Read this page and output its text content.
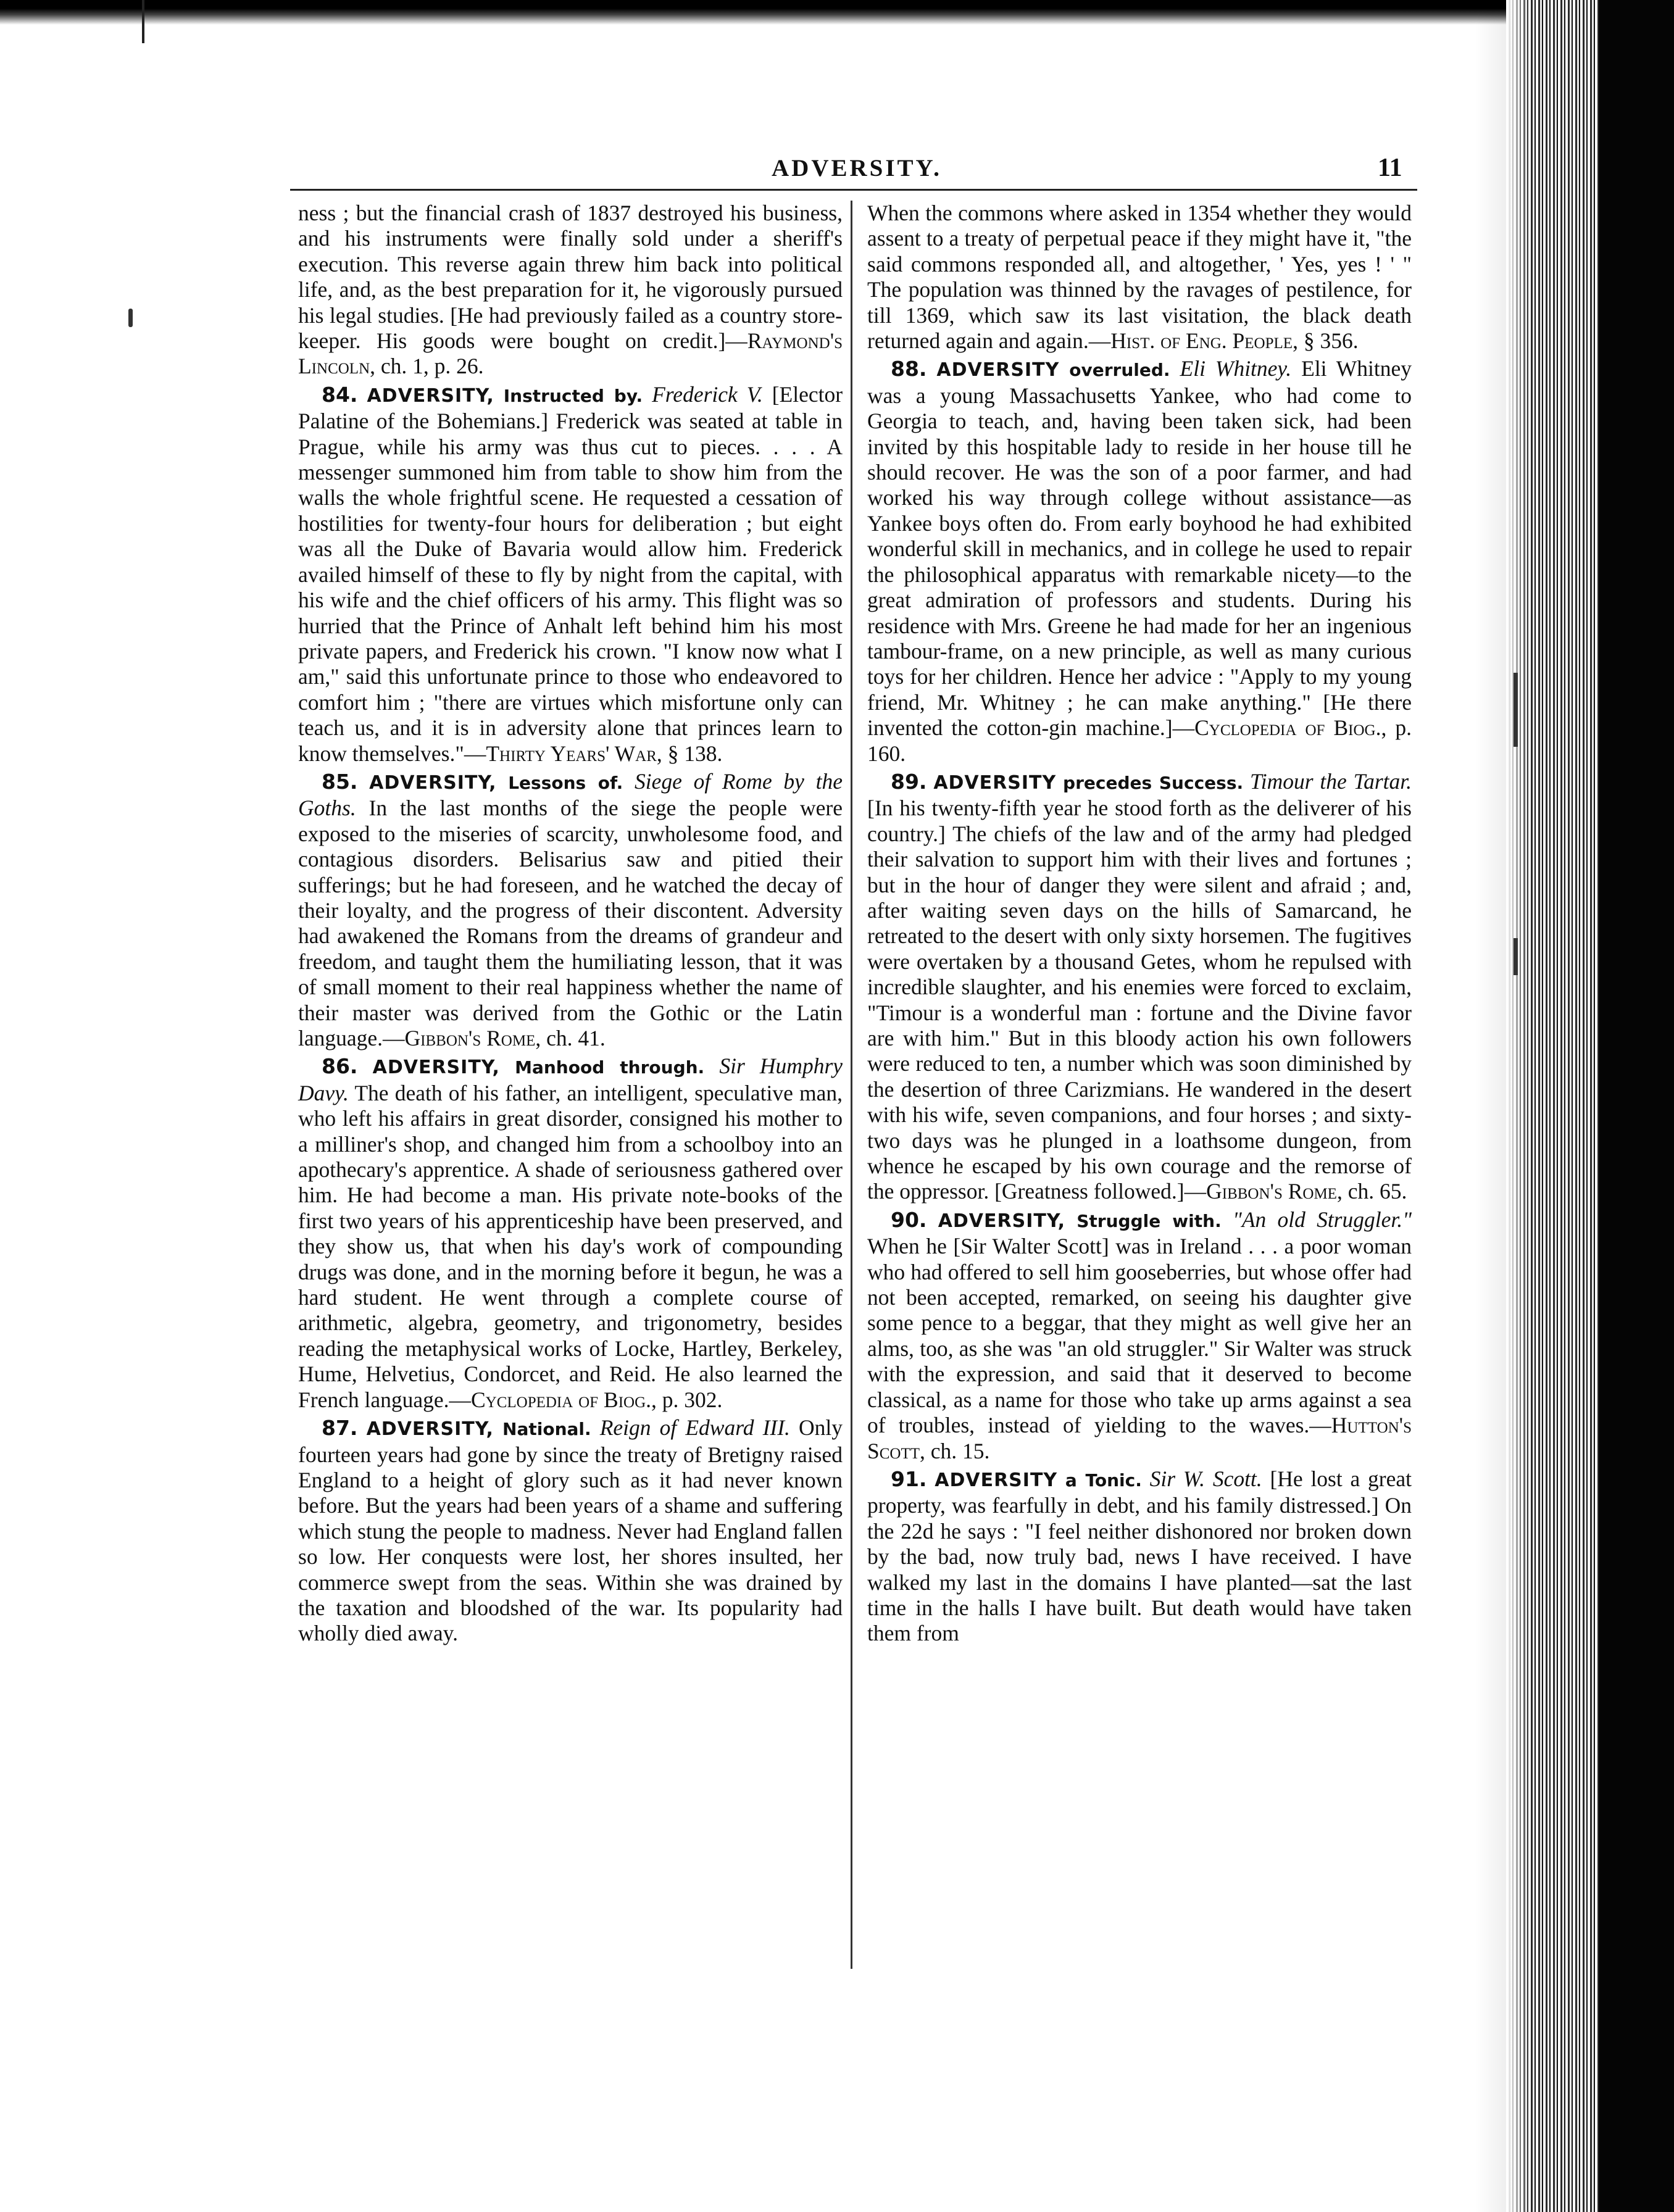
ADVERSITY.	11

ness ; but the financial crash of 1837 destroyed his business, and his instruments were finally sold under a sheriff's execution. This reverse again threw him back into political life, and, as the best preparation for it, he vigorously pursued his legal studies. [He had previously failed as a country store-keeper. His goods were bought on credit.]—Raymond's Lincoln, ch. 1, p. 26.

84. ADVERSITY, Instructed by. Frederick V. [Elector Palatine of the Bohemians.] Frederick was seated at table in Prague, while his army was thus cut to pieces. . . . A messenger summoned him from table to show him from the walls the whole frightful scene. He requested a cessation of hostilities for twenty-four hours for deliberation ; but eight was all the Duke of Bavaria would allow him. Frederick availed himself of these to fly by night from the capital, with his wife and the chief officers of his army. This flight was so hurried that the Prince of Anhalt left behind him his most private papers, and Frederick his crown. "I know now what I am," said this unfortunate prince to those who endeavored to comfort him ; "there are virtues which misfortune only can teach us, and it is in adversity alone that princes learn to know themselves."—Thirty Years' War, § 138.

85. ADVERSITY, Lessons of. Siege of Rome by the Goths. In the last months of the siege the people were exposed to the miseries of scarcity, unwholesome food, and contagious disorders. Belisarius saw and pitied their sufferings; but he had foreseen, and he watched the decay of their loyalty, and the progress of their discontent. Adversity had awakened the Romans from the dreams of grandeur and freedom, and taught them the humiliating lesson, that it was of small moment to their real happiness whether the name of their master was derived from the Gothic or the Latin language.—Gibbon's Rome, ch. 41.

86. ADVERSITY, Manhood through. Sir Humphry Davy. The death of his father, an intelligent, speculative man, who left his affairs in great disorder, consigned his mother to a milliner's shop, and changed him from a schoolboy into an apothecary's apprentice. A shade of seriousness gathered over him. He had become a man. His private note-books of the first two years of his apprenticeship have been preserved, and they show us, that when his day's work of compounding drugs was done, and in the morning before it begun, he was a hard student. He went through a complete course of arithmetic, algebra, geometry, and trigonometry, besides reading the metaphysical works of Locke, Hartley, Berkeley, Hume, Helvetius, Condorcet, and Reid. He also learned the French language.—Cyclopedia of Biog., p. 302.

87. ADVERSITY, National. Reign of Edward III. Only fourteen years had gone by since the treaty of Bretigny raised England to a height of glory such as it had never known before. But the years had been years of a shame and suffering which stung the people to madness. Never had England fallen so low. Her conquests were lost, her shores insulted, her commerce swept from the seas. Within she was drained by the taxation and bloodshed of the war. Its popularity had wholly died away.

When the commons where asked in 1354 whether they would assent to a treaty of perpetual peace if they might have it, "the said commons responded all, and altogether, ' Yes, yes ! ' " The population was thinned by the ravages of pestilence, for till 1369, which saw its last visitation, the black death returned again and again.—Hist. of Eng. People, § 356.

88. ADVERSITY overruled. Eli Whitney. Eli Whitney was a young Massachusetts Yankee, who had come to Georgia to teach, and, having been taken sick, had been invited by this hospitable lady to reside in her house till he should recover. He was the son of a poor farmer, and had worked his way through college without assistance—as Yankee boys often do. From early boyhood he had exhibited wonderful skill in mechanics, and in college he used to repair the philosophical apparatus with remarkable nicety—to the great admiration of professors and students. During his residence with Mrs. Greene he had made for her an ingenious tambour-frame, on a new principle, as well as many curious toys for her children. Hence her advice : "Apply to my young friend, Mr. Whitney ; he can make anything." [He there invented the cotton-gin machine.]—Cyclopedia of Biog., p. 160.

89. ADVERSITY precedes Success. Timour the Tartar. [In his twenty-fifth year he stood forth as the deliverer of his country.] The chiefs of the law and of the army had pledged their salvation to support him with their lives and fortunes ; but in the hour of danger they were silent and afraid ; and, after waiting seven days on the hills of Samarcand, he retreated to the desert with only sixty horsemen. The fugitives were overtaken by a thousand Getes, whom he repulsed with incredible slaughter, and his enemies were forced to exclaim, "Timour is a wonderful man : fortune and the Divine favor are with him." But in this bloody action his own followers were reduced to ten, a number which was soon diminished by the desertion of three Carizmians. He wandered in the desert with his wife, seven companions, and four horses ; and sixty-two days was he plunged in a loathsome dungeon, from whence he escaped by his own courage and the remorse of the oppressor. [Greatness followed.]—Gibbon's Rome, ch. 65.

90. ADVERSITY, Struggle with. "An old Struggler." When he [Sir Walter Scott] was in Ireland . . . a poor woman who had offered to sell him gooseberries, but whose offer had not been accepted, remarked, on seeing his daughter give some pence to a beggar, that they might as well give her an alms, too, as she was "an old struggler." Sir Walter was struck with the expression, and said that it deserved to become classical, as a name for those who take up arms against a sea of troubles, instead of yielding to the waves.—Hutton's Scott, ch. 15.

91. ADVERSITY a Tonic. Sir W. Scott. [He lost a great property, was fearfully in debt, and his family distressed.] On the 22d he says : "I feel neither dishonored nor broken down by the bad, now truly bad, news I have received. I have walked my last in the domains I have planted—sat the last time in the halls I have built. But death would have taken them from
